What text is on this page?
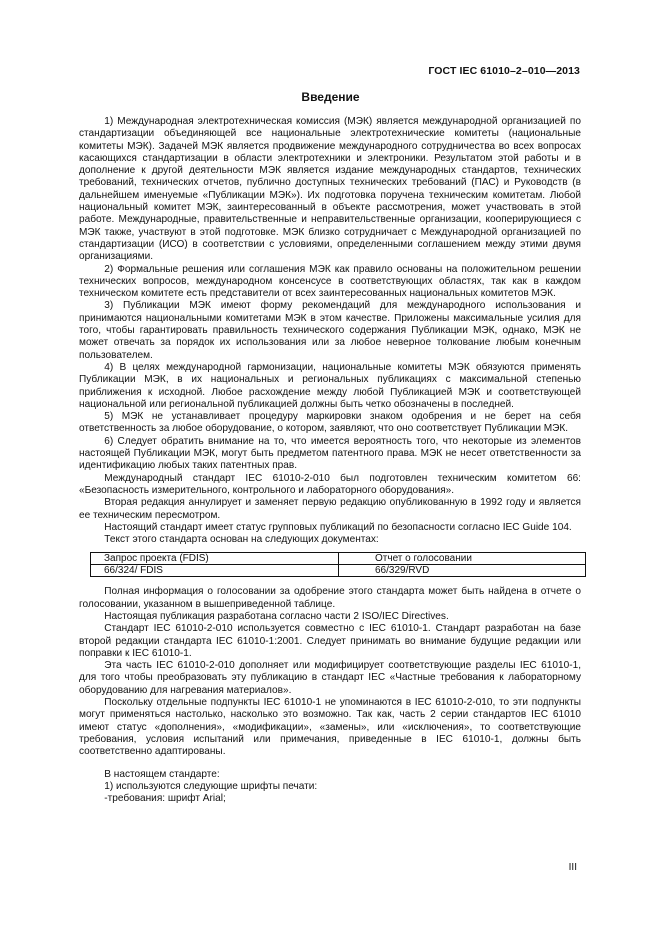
ГОСТ IEC 61010–2–010—2013
Введение

1) Международная электротехническая комиссия (МЭК) является международной организацией по стандартизации объединяющей все национальные электротехнические комитеты (национальные комитеты МЭК). Задачей МЭК является продвижение международного сотрудничества во всех вопросах касающихся стандартизации в области электротехники и электроники. Результатом этой работы и в дополнение к другой деятельности МЭК является издание международных стандартов, технических требований, технических отчетов, публично доступных технических требований (ПАС) и Руководств (в дальнейшем именуемые «Публикации МЭК»). Их подготовка поручена техническим комитетам. Любой национальный комитет МЭК, заинтересованный в объекте рассмотрения, может участвовать в этой работе. Международные, правительственные и неправительственные организации, кооперирующиеся с МЭК также, участвуют в этой подготовке. МЭК близко сотрудничает с Международной организацией по стандартизации (ИСО) в соответствии с условиями, определенными соглашением между этими двумя организациями.

2) Формальные решения или соглашения МЭК как правило основаны на положительном решении технических вопросов, международном консенсусе в соответствующих областях, так как в каждом техническом комитете есть представители от всех заинтересованных национальных комитетов МЭК.

3) Публикации МЭК имеют форму рекомендаций для международного использования и принимаются национальными комитетами МЭК в этом качестве. Приложены максимальные усилия для того, чтобы гарантировать правильность технического содержания Публикации МЭК, однако, МЭК не может отвечать за порядок их использования или за любое неверное толкование любым конечным пользователем.

4) В целях международной гармонизации, национальные комитеты МЭК обязуются применять Публикации МЭК, в их национальных и региональных публикациях с максимальной степенью приближения к исходной. Любое расхождение между любой Публикацией МЭК и соответствующей национальной или региональной публикацией должны быть четко обозначены в последней.

5) МЭК не устанавливает процедуру маркировки знаком одобрения и не берет на себя ответственность за любое оборудование, о котором, заявляют, что оно соответствует Публикации МЭК.

6) Следует обратить внимание на то, что имеется вероятность того, что некоторые из элементов настоящей Публикации МЭК, могут быть предметом патентного права. МЭК не несет ответственности за идентификацию любых таких патентных прав.

Международный стандарт IEC 61010-2-010 был подготовлен техническим комитетом 66: «Безопасность измерительного, контрольного и лабораторного оборудования».

Вторая редакция аннулирует и заменяет первую редакцию опубликованную в 1992 году и является ее техническим пересмотром.

Настоящий стандарт имеет статус групповых публикаций по безопасности согласно IEC Guide 104.

Текст этого стандарта основан на следующих документах:

Запрос проекта (FDIS)	Отчет о голосовании
66/324/ FDIS	66/329/RVD

Полная информация о голосовании за одобрение этого стандарта может быть найдена в отчете о голосовании, указанном в вышеприведенной таблице.

Настоящая публикация разработана согласно части 2 ISO/IEC Directives.

Стандарт IEC 61010-2-010 используется совместно с IEC 61010-1. Стандарт разработан на базе второй редакции стандарта IEC 61010-1:2001. Следует принимать во внимание будущие редакции или поправки к IEC 61010-1.

Эта часть IEC 61010-2-010 дополняет или модифицирует соответствующие разделы IEC 61010-1, для того чтобы преобразовать эту публикацию в стандарт IEC «Частные требования к лабораторному оборудованию для нагревания материалов».

Поскольку отдельные подпункты IEC 61010-1 не упоминаются в IEC 61010-2-010, то эти подпункты могут применяться настолько, насколько это возможно. Так как, часть 2 серии стандартов IEC 61010 имеют статус «дополнения», «модификации», «замены», или «исключения», то соответствующие требования, условия испытаний или примечания, приведенные в IEC 61010-1, должны быть соответственно адаптированы.

В настоящем стандарте:

1) используются следующие шрифты печати:

-требования: шрифт Arial;

III
